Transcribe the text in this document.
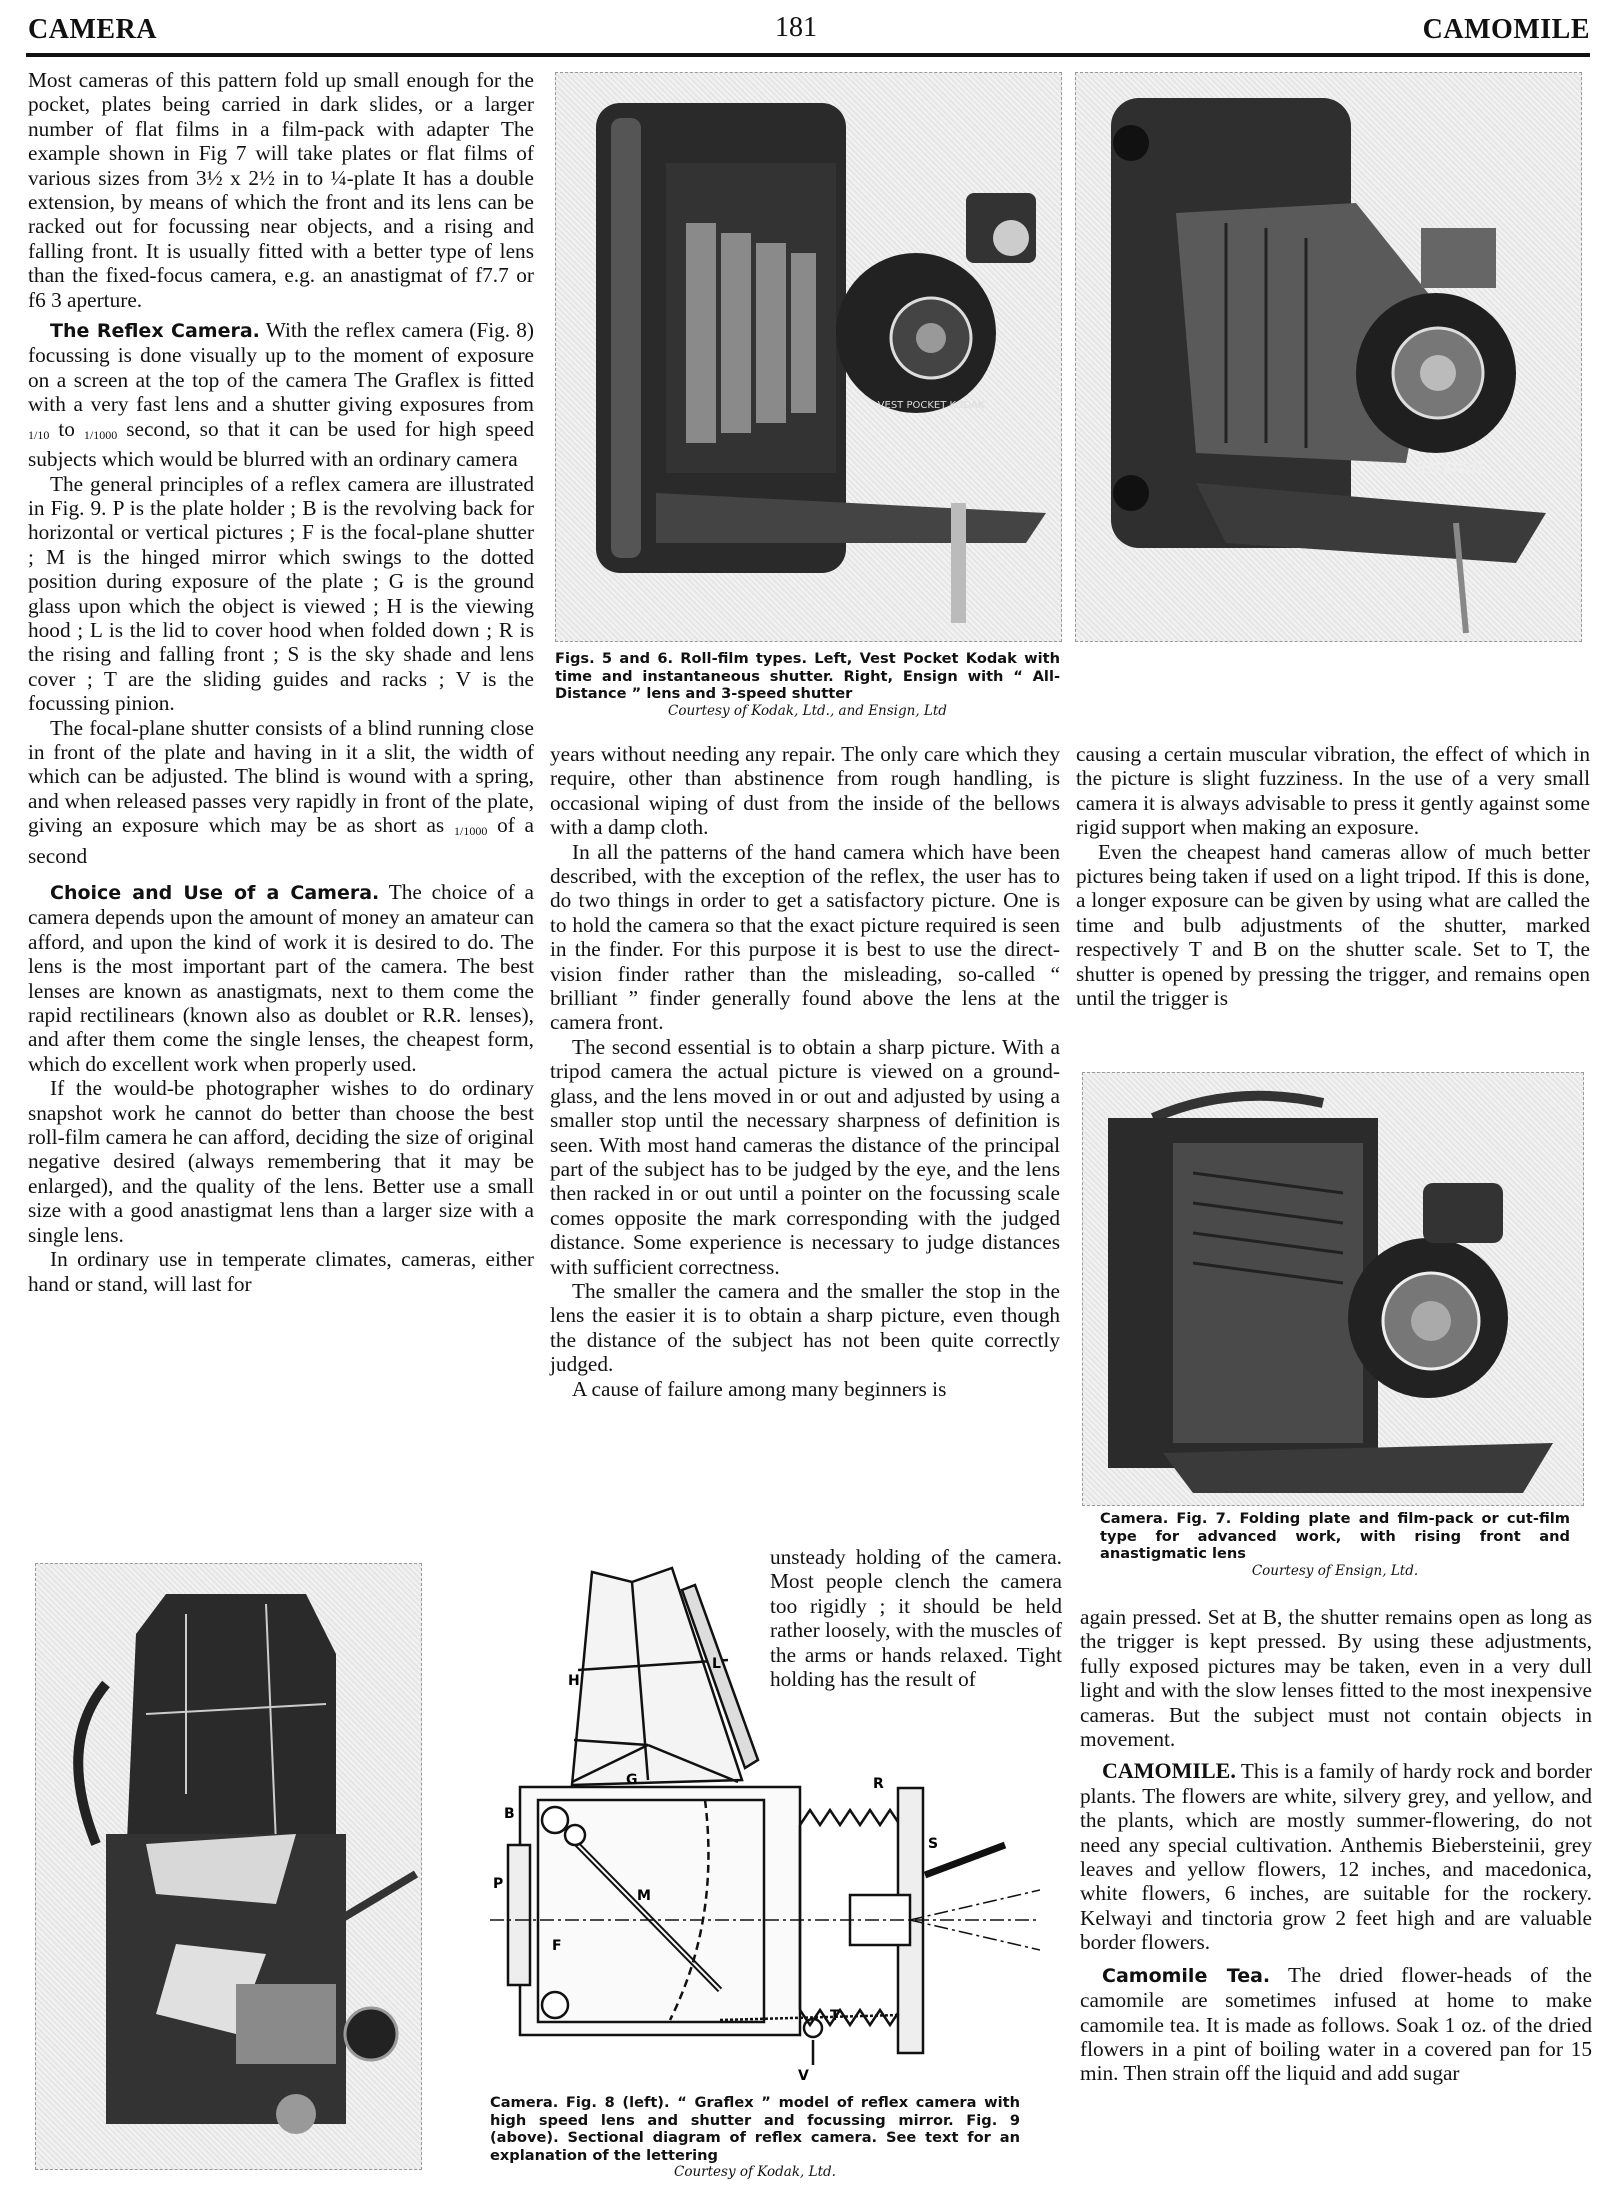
CAMERA	181	CAMOMILE

Most cameras of this pattern fold up small enough for the pocket, plates being carried in dark slides, or a larger number of flat films in a film-pack with adapter The example shown in Fig 7 will take plates or flat films of various sizes from 3½ x 2½ in to ¼-plate It has a double extension, by means of which the front and its lens can be racked out for focussing near objects, and a rising and falling front. It is usually fitted with a better type of lens than the fixed-focus camera, e.g. an anastigmat of f7.7 or f6 3 aperture.

The Reflex Camera. With the reflex camera (Fig. 8) focussing is done visually up to the moment of exposure on a screen at the top of the camera The Graflex is fitted with a very fast lens and a shutter giving exposures from 1/10 to 1/1000 second, so that it can be used for high speed subjects which would be blurred with an ordinary camera

The general principles of a reflex camera are illustrated in Fig. 9. P is the plate holder ; B is the revolving back for horizontal or vertical pictures ; F is the focal-plane shutter ; M is the hinged mirror which swings to the dotted position during exposure of the plate ; G is the ground glass upon which the object is viewed ; H is the viewing hood ; L is the lid to cover hood when folded down ; R is the rising and falling front ; S is the sky shade and lens cover ; T are the sliding guides and racks ; V is the focussing pinion.

The focal-plane shutter consists of a blind running close in front of the plate and having in it a slit, the width of which can be adjusted. The blind is wound with a spring, and when released passes very rapidly in front of the plate, giving an exposure which may be as short as 1/1000 of a second

Choice and Use of a Camera. The choice of a camera depends upon the amount of money an amateur can afford, and upon the kind of work it is desired to do. The lens is the most important part of the camera. The best lenses are known as anastigmats, next to them come the rapid rectilinears (known also as doublet or R.R. lenses), and after them come the single lenses, the cheapest form, which do excellent work when properly used.

If the would-be photographer wishes to do ordinary snapshot work he cannot do better than choose the best roll-film camera he can afford, deciding the size of original negative desired (always remembering that it may be enlarged), and the quality of the lens. Better use a small size with a good anastigmat lens than a larger size with a single lens.

In ordinary use in temperate climates, cameras, either hand or stand, will last for

VEST POCKET KODAK
ENSIGN
Figs. 5 and 6. Roll-film types. Left, Vest Pocket Kodak with time and instantaneous shutter. Right, Ensign with “ All-Distance ” lens and 3-speed shutter
Courtesy of Kodak, Ltd., and Ensign, Ltd

years without needing any repair. The only care which they require, other than abstinence from rough handling, is occasional wiping of dust from the inside of the bellows with a damp cloth.

In all the patterns of the hand camera which have been described, with the exception of the reflex, the user has to do two things in order to get a satisfactory picture. One is to hold the camera so that the exact picture required is seen in the finder. For this purpose it is best to use the direct-vision finder rather than the misleading, so-called “ brilliant ” finder generally found above the lens at the camera front.

The second essential is to obtain a sharp picture. With a tripod camera the actual picture is viewed on a ground-glass, and the lens moved in or out and adjusted by using a smaller stop until the necessary sharpness of definition is seen. With most hand cameras the distance of the principal part of the subject has to be judged by the eye, and the lens then racked in or out until a pointer on the focussing scale comes opposite the mark corresponding with the judged distance. Some experience is necessary to judge distances with sufficient correctness.

The smaller the camera and the smaller the stop in the lens the easier it is to obtain a sharp picture, even though the distance of the subject has not been quite correctly judged.

A cause of failure among many beginners is

unsteady holding of the camera. Most people clench the camera too rigidly ; it should be held rather loosely, with the muscles of the arms or hands relaxed. Tight holding has the result of

causing a certain muscular vibration, the effect of which in the picture is slight fuzziness. In the use of a very small camera it is always advisable to press it gently against some rigid support when making an exposure.

Even the cheapest hand cameras allow of much better pictures being taken if used on a light tripod. If this is done, a longer exposure can be given by using what are called the time and bulb adjustments of the shutter, marked respectively T and B on the shutter scale. Set to T, the shutter is opened by pressing the trigger, and remains open until the trigger is

Camera. Fig. 7. Folding plate and film-pack or cut-film type for advanced work, with rising front and anastigmatic lens
Courtesy of Ensign, Ltd.

again pressed. Set at B, the shutter remains open as long as the trigger is kept pressed. By using these adjustments, fully exposed pictures may be taken, even in a very dull light and with the slow lenses fitted to the most inexpensive cameras. But the subject must not contain objects in movement.

CAMOMILE. This is a family of hardy rock and border plants. The flowers are white, silvery grey, and yellow, and the plants, which are mostly summer-flowering, do not need any special cultivation. Anthemis Biebersteinii, grey leaves and yellow flowers, 12 inches, and macedonica, white flowers, 6 inches, are suitable for the rockery. Kelwayi and tinctoria grow 2 feet high and are valuable border flowers.

Camomile Tea. The dried flower-heads of the camomile are sometimes infused at home to make camomile tea. It is made as follows. Soak 1 oz. of the dried flowers in a pint of boiling water in a covered pan for 15 min. Then strain off the liquid and add sugar

H
L
G
B
R
S
P
M
F
T
V
Camera. Fig. 8 (left). “ Graflex ” model of reflex camera with high speed lens and shutter and focussing mirror. Fig. 9 (above). Sectional diagram of reflex camera. See text for an explanation of the lettering
Courtesy of Kodak, Ltd.
